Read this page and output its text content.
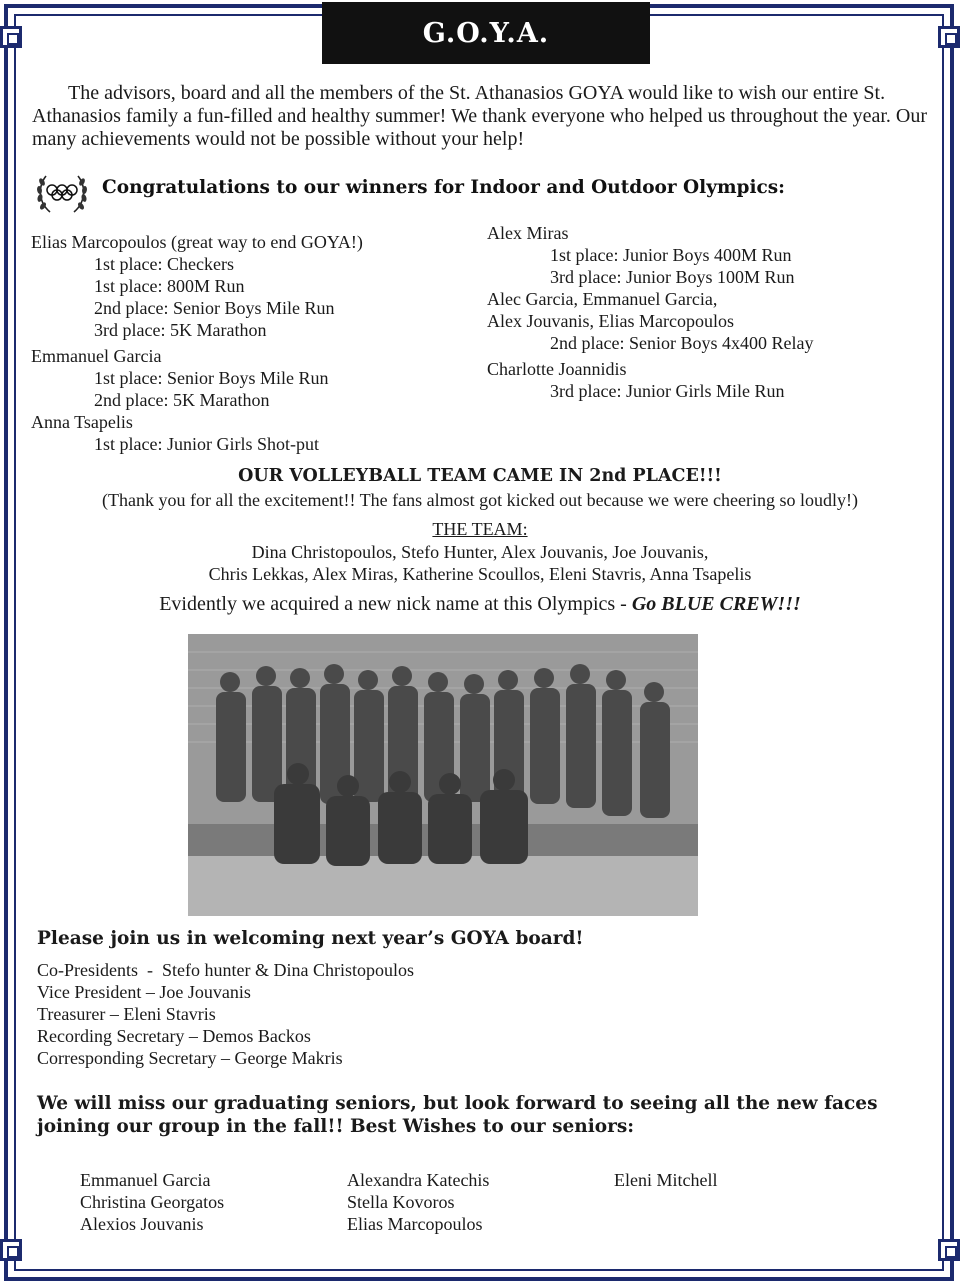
G.O.Y.A.

The advisors, board and all the members of the St. Athanasios GOYA would like to wish our entire St. Athanasios family a fun-filled and healthy summer! We thank everyone who helped us throughout the year. Our many achievements would not be possible without your help!

Congratulations to our winners for Indoor and Outdoor Olympics:
Elias Marcopoulos (great way to end GOYA!)
1st place: Checkers
1st place: 800M Run
2nd place: Senior Boys Mile Run
3rd place: 5K Marathon
Emmanuel Garcia
1st place: Senior Boys Mile Run
2nd place: 5K Marathon
Anna Tsapelis
1st place: Junior Girls Shot-put
Alex Miras
1st place: Junior Boys 400M Run
3rd place: Junior Boys 100M Run
Alec Garcia, Emmanuel Garcia,
Alex Jouvanis, Elias Marcopoulos
2nd place: Senior Boys 4x400 Relay
Charlotte Joannidis
3rd place: Junior Girls Mile Run
OUR VOLLEYBALL TEAM CAME IN 2nd PLACE!!!
(Thank you for all the excitement!! The fans almost got kicked out because we were cheering so loudly!)
THE TEAM:
Dina Christopoulos, Stefo Hunter, Alex Jouvanis, Joe Jouvanis,
Chris Lekkas, Alex Miras, Katherine Scoullos, Eleni Stavris, Anna Tsapelis
Evidently we acquired a new nick name at this Olympics - Go BLUE CREW!!!
Please join us in welcoming next year’s GOYA board!
Co-Presidents  -  Stefo hunter & Dina Christopoulos
Vice President – Joe Jouvanis
Treasurer – Eleni Stavris
Recording Secretary – Demos Backos
Corresponding Secretary – George Makris
We will miss our graduating seniors, but look forward to seeing all the new faces joining our group in the fall!! Best Wishes to our seniors:
Emmanuel Garcia
Christina Georgatos
Alexios Jouvanis
Alexandra Katechis
Stella Kovoros
Elias Marcopoulos
Eleni Mitchell
